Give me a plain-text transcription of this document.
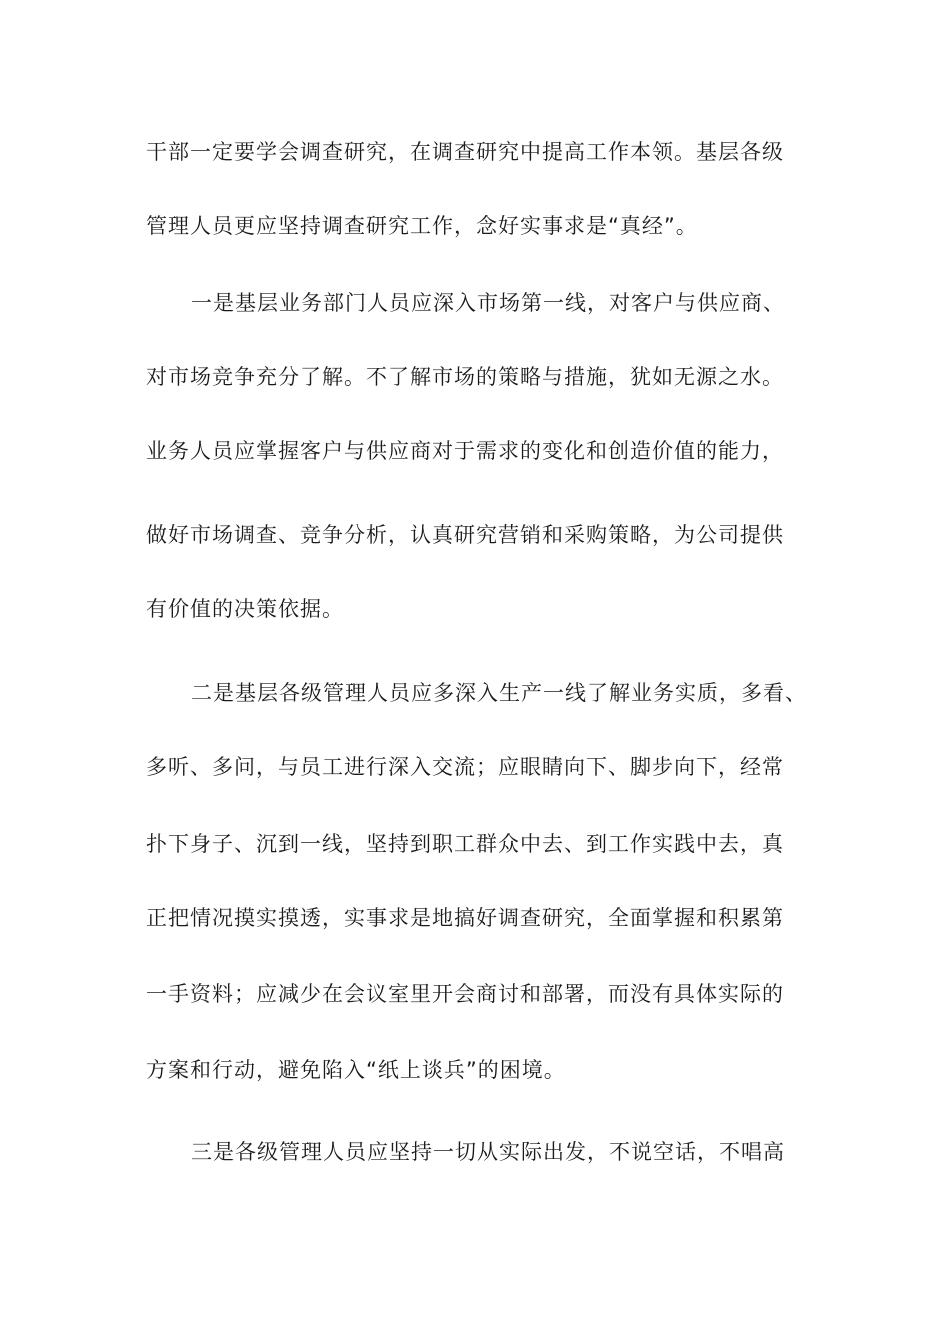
干部一定要学会调查研究，在调查研究中提高工作本领。基层各级
管理人员更应坚持调查研究工作，念好实事求是“真经”。
一是基层业务部门人员应深入市场第一线，对客户与供应商、
对市场竞争充分了解。不了解市场的策略与措施，犹如无源之水。
业务人员应掌握客户与供应商对于需求的变化和创造价值的能力，
做好市场调查、竞争分析，认真研究营销和采购策略，为公司提供
有价值的决策依据。
二是基层各级管理人员应多深入生产一线了解业务实质，多看、
多听、多问，与员工进行深入交流；应眼睛向下、脚步向下，经常
扑下身子、沉到一线，坚持到职工群众中去、到工作实践中去，真
正把情况摸实摸透，实事求是地搞好调查研究，全面掌握和积累第
一手资料；应减少在会议室里开会商讨和部署，而没有具体实际的
方案和行动，避免陷入“纸上谈兵”的困境。
三是各级管理人员应坚持一切从实际出发，不说空话，不唱高
